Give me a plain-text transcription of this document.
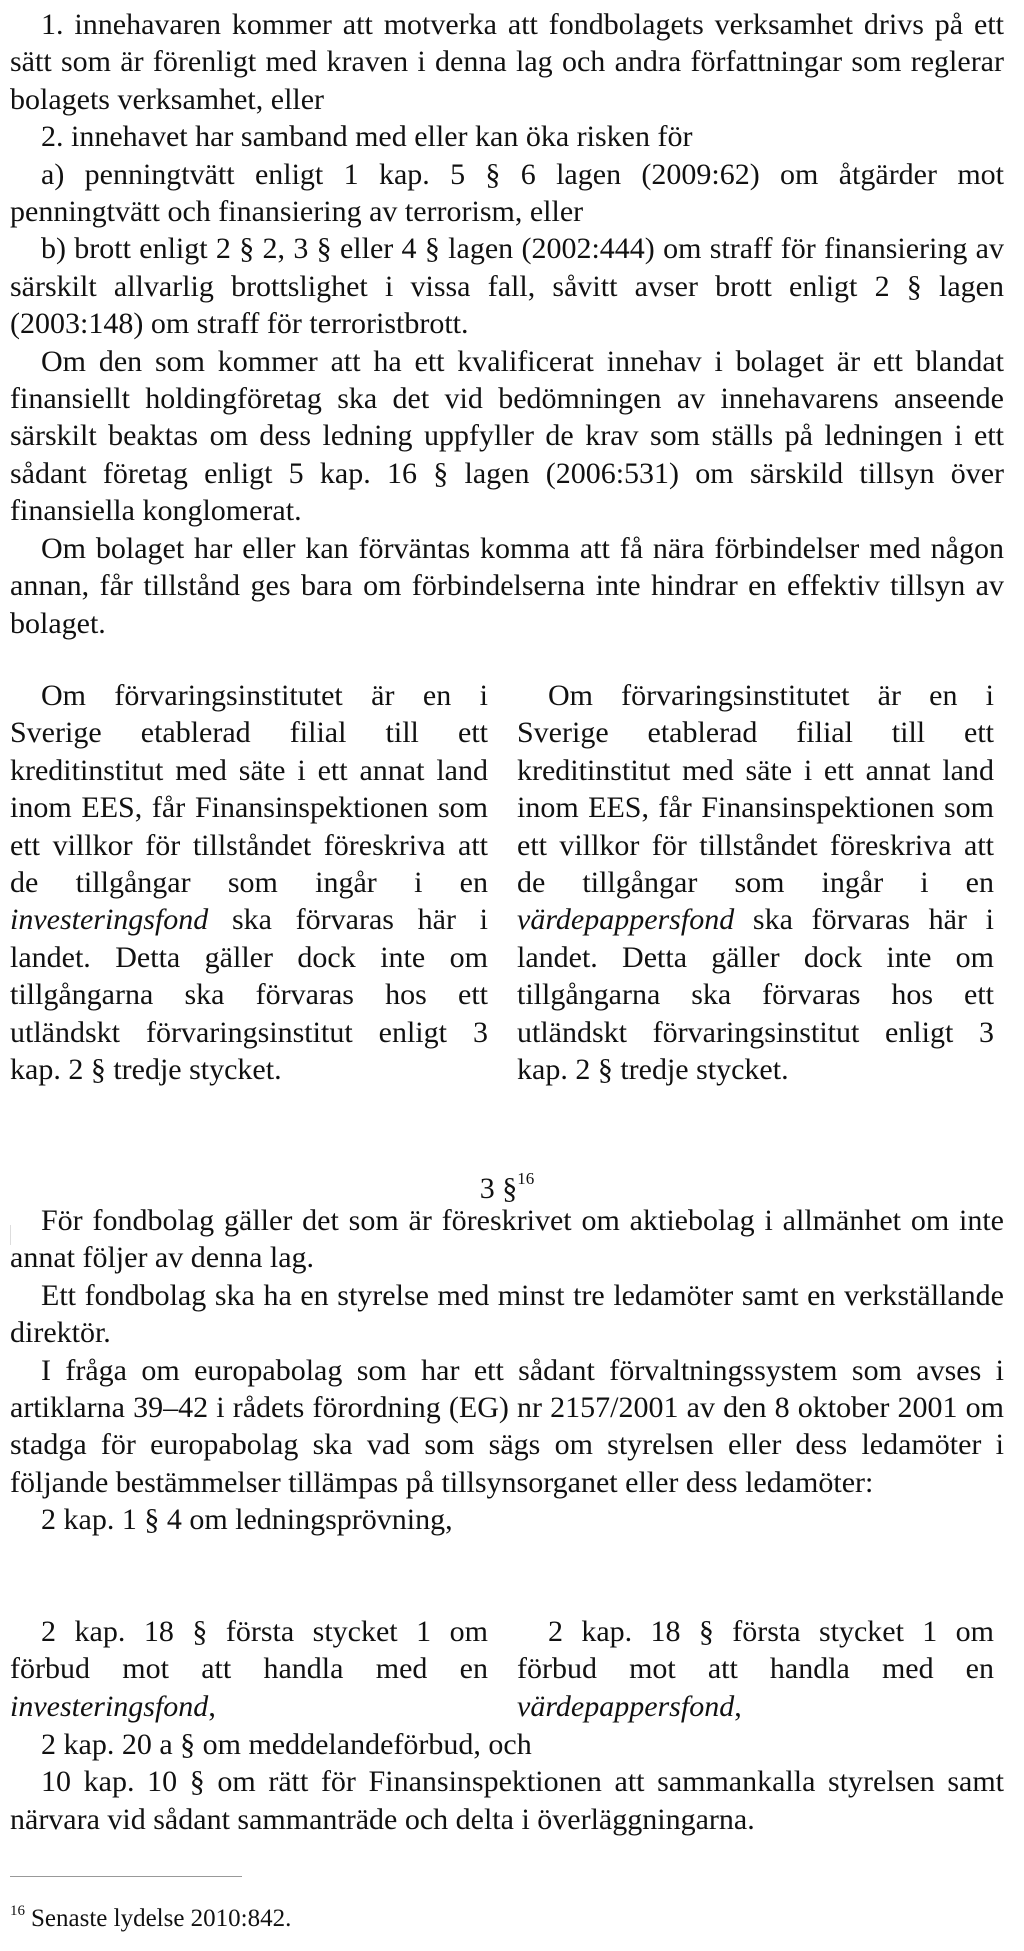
1. innehavaren kommer att motverka att fondbolagets verksamhet drivs på ett sätt som är förenligt med kraven i denna lag och andra författningar som reglerar bolagets verksamhet, eller

2. innehavet har samband med eller kan öka risken för

a) penningtvätt enligt 1 kap. 5 § 6 lagen (2009:62) om åtgärder mot penningtvätt och finansiering av terrorism, eller

b) brott enligt 2 § 2, 3 § eller 4 § lagen (2002:444) om straff för finansiering av särskilt allvarlig brottslighet i vissa fall, såvitt avser brott enligt 2 § lagen (2003:148) om straff för terroristbrott.

Om den som kommer att ha ett kvalificerat innehav i bolaget är ett blandat finansiellt holdingföretag ska det vid bedömningen av innehavarens anseende särskilt beaktas om dess ledning uppfyller de krav som ställs på ledningen i ett sådant företag enligt 5 kap. 16 § lagen (2006:531) om särskild tillsyn över finansiella konglomerat.

Om bolaget har eller kan förväntas komma att få nära förbindelser med någon annan, får tillstånd ges bara om förbindelserna inte hindrar en effektiv tillsyn av bolaget.

Om förvaringsinstitutet är en i Sverige etablerad filial till ett kreditinstitut med säte i ett annat land inom EES, får Finansinspektionen som ett villkor för tillståndet föreskriva att de tillgångar som ingår i en investeringsfond ska förvaras här i landet. Detta gäller dock inte om tillgångarna ska förvaras hos ett utländskt förvaringsinstitut enligt 3 kap. 2 § tredje stycket.

Om förvaringsinstitutet är en i Sverige etablerad filial till ett kreditinstitut med säte i ett annat land inom EES, får Finansinspektionen som ett villkor för tillståndet föreskriva att de tillgångar som ingår i en värdepappersfond ska förvaras här i landet. Detta gäller dock inte om tillgångarna ska förvaras hos ett utländskt förvaringsinstitut enligt 3 kap. 2 § tredje stycket.

3 §$^{16}$

För fondbolag gäller det som är föreskrivet om aktiebolag i allmänhet om inte annat följer av denna lag.

Ett fondbolag ska ha en styrelse med minst tre ledamöter samt en verkställande direktör.

I fråga om europabolag som har ett sådant förvaltningssystem som avses i artiklarna 39–42 i rådets förordning (EG) nr 2157/2001 av den 8 oktober 2001 om stadga för europabolag ska vad som sägs om styrelsen eller dess ledamöter i följande bestämmelser tillämpas på tillsynsorganet eller dess ledamöter:

2 kap. 1 § 4 om ledningsprövning,

2 kap. 18 § första stycket 1 om förbud mot att handla med en investeringsfond,

2 kap. 18 § första stycket 1 om förbud mot att handla med en värdepappersfond,

2 kap. 20 a § om meddelandeförbud, och

10 kap. 10 § om rätt för Finansinspektionen att sammankalla styrelsen samt närvara vid sådant sammanträde och delta i överläggningarna.

$^{16}$ Senaste lydelse 2010:842.
